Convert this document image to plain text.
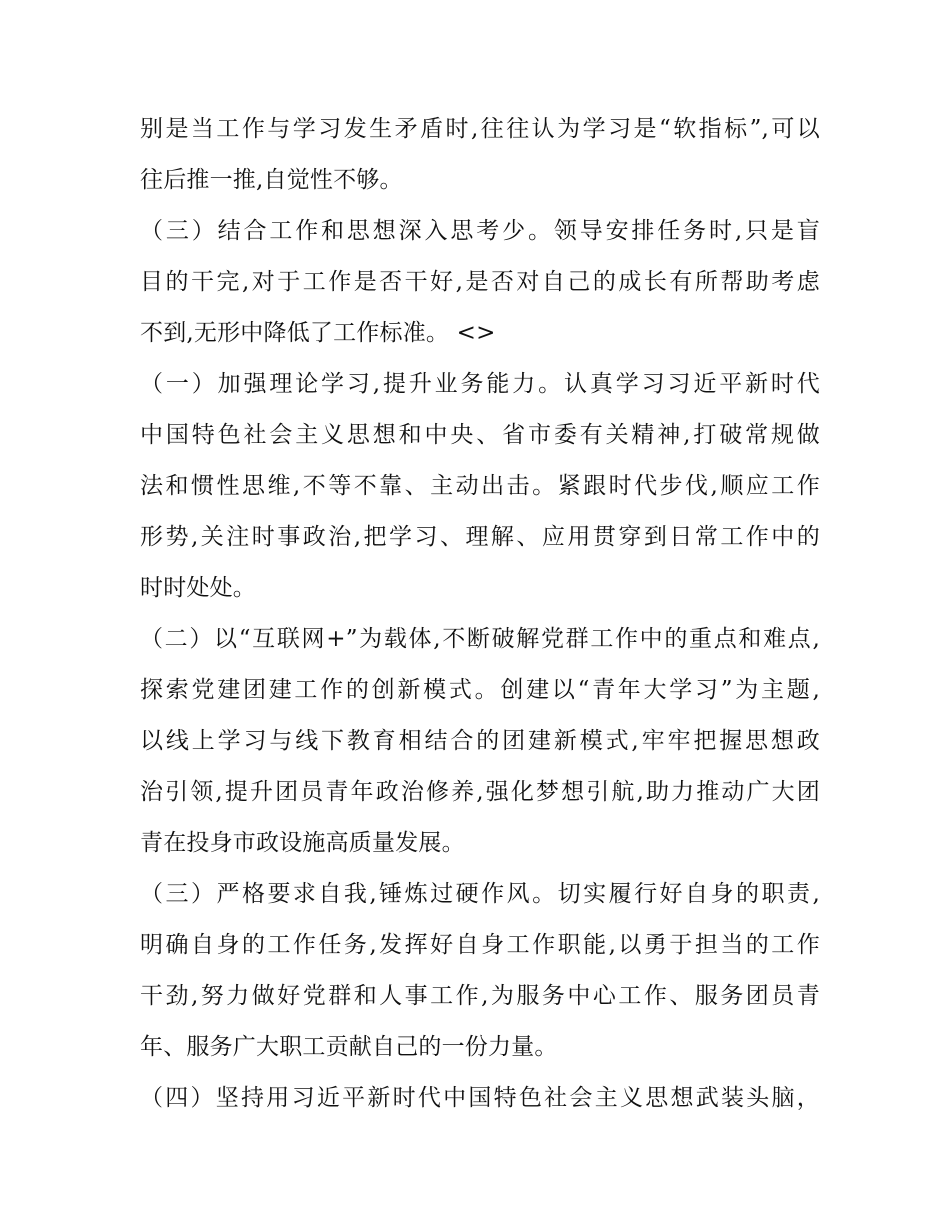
别是当工作与学习发生矛盾时,往往认为学习是“软指标”,可以
往后推一推,自觉性不够。
（三）结合工作和思想深入思考少。领导安排任务时,只是盲
目的干完,对于工作是否干好,是否对自己的成长有所帮助考虑
不到,无形中降低了工作标准。 <>
（一）加强理论学习,提升业务能力。认真学习习近平新时代
中国特色社会主义思想和中央、省市委有关精神,打破常规做
法和惯性思维,不等不靠、主动出击。紧跟时代步伐,顺应工作
形势,关注时事政治,把学习、理解、应用贯穿到日常工作中的
时时处处。
（二）以“互联网+”为载体,不断破解党群工作中的重点和难点,
探索党建团建工作的创新模式。创建以“青年大学习”为主题,
以线上学习与线下教育相结合的团建新模式,牢牢把握思想政
治引领,提升团员青年政治修养,强化梦想引航,助力推动广大团
青在投身市政设施高质量发展。
（三）严格要求自我,锤炼过硬作风。切实履行好自身的职责,
明确自身的工作任务,发挥好自身工作职能,以勇于担当的工作
干劲,努力做好党群和人事工作,为服务中心工作、服务团员青
年、服务广大职工贡献自己的一份力量。
（四）坚持用习近平新时代中国特色社会主义思想武装头脑，
